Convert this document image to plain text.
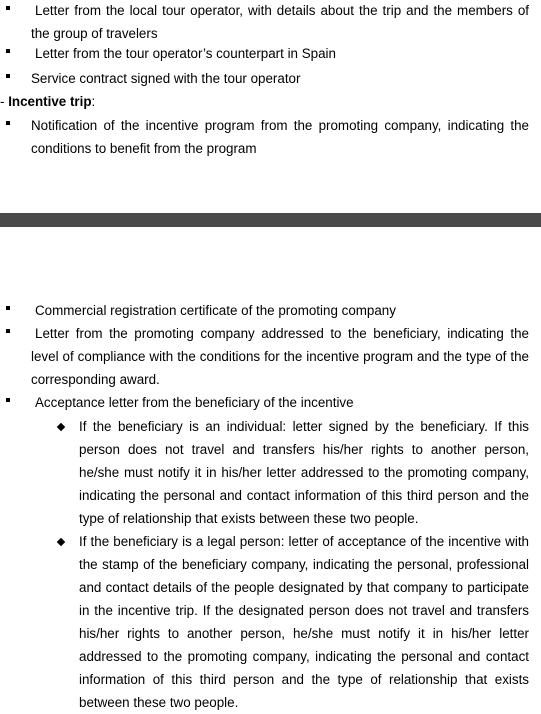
Letter from the local tour operator, with details about the trip and the members of the group of travelers
Letter from the tour operator’s counterpart in Spain
Service contract signed with the tour operator
- Incentive trip:
Notification of the incentive program from the promoting company, indicating the conditions to benefit from the program
Commercial registration certificate of the promoting company
Letter from the promoting company addressed to the beneficiary, indicating the level of compliance with the conditions for the incentive program and the type of the corresponding award.
Acceptance letter from the beneficiary of the incentive
If the beneficiary is an individual: letter signed by the beneficiary. If this person does not travel and transfers his/her rights to another person, he/she must notify it in his/her letter addressed to the promoting company, indicating the personal and contact information of this third person and the type of relationship that exists between these two people.
If the beneficiary is a legal person: letter of acceptance of the incentive with the stamp of the beneficiary company, indicating the personal, professional and contact details of the people designated by that company to participate in the incentive trip. If the designated person does not travel and transfers his/her rights to another person, he/she must notify it in his/her letter addressed to the promoting company, indicating the personal and contact information of this third person and the type of relationship that exists between these two people.
